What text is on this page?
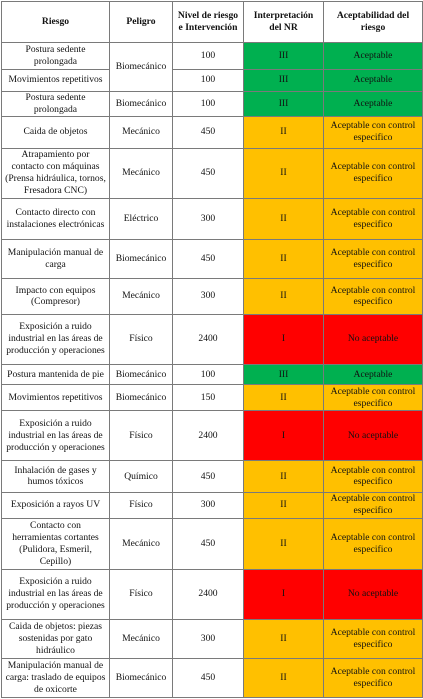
Riesgo	Peligro	Nivel de riesgo e Intervención	Interpretación del NR	Aceptabilidad del riesgo
Postura sedente prolongada	Biomecánico	100	III	Aceptable
Movimientos repetitivos		100	III	Aceptable
Postura sedente prolongada	Biomecánico	100	III	Aceptable
Caida de objetos	Mecánico	450	II	Aceptable con control especifico
Atrapamiento por contacto con máquinas (Prensa hidráulica, tornos, Fresadora CNC)	Mecánico	450	II	Aceptable con control especifico
Contacto directo con instalaciones electrónicas	Eléctrico	300	II	Aceptable con control especifico
Manipulación manual de carga	Biomecánico	450	II	Aceptable con control especifico
Impacto con equipos (Compresor)	Mecánico	300	II	Aceptable con control especifico
Exposición a ruido industrial en las áreas de producción y operaciones	Físico	2400	I	No aceptable
Postura mantenida de pie	Biomecánico	100	III	Aceptable
Movimientos repetitivos	Biomecánico	150	II	Aceptable con control especifico
Exposición a ruido industrial en las áreas de producción y operaciones	Físico	2400	I	No aceptable
Inhalación de gases y humos tóxicos	Químico	450	II	Aceptable con control especifico
Exposición a rayos UV	Físico	300	II	Aceptable con control especifico
Contacto con herramientas cortantes (Pulidora, Esmeril, Cepillo)	Mecánico	450	II	Aceptable con control especifico
Exposición a ruido industrial en las áreas de producción y operaciones	Físico	2400	I	No aceptable
Caida de objetos: piezas sostenidas por gato hidráulico	Mecánico	300	II	Aceptable con control especifico
Manipulación manual de carga: traslado de equipos de oxicorte	Biomecánico	450	II	Aceptable con control especifico
